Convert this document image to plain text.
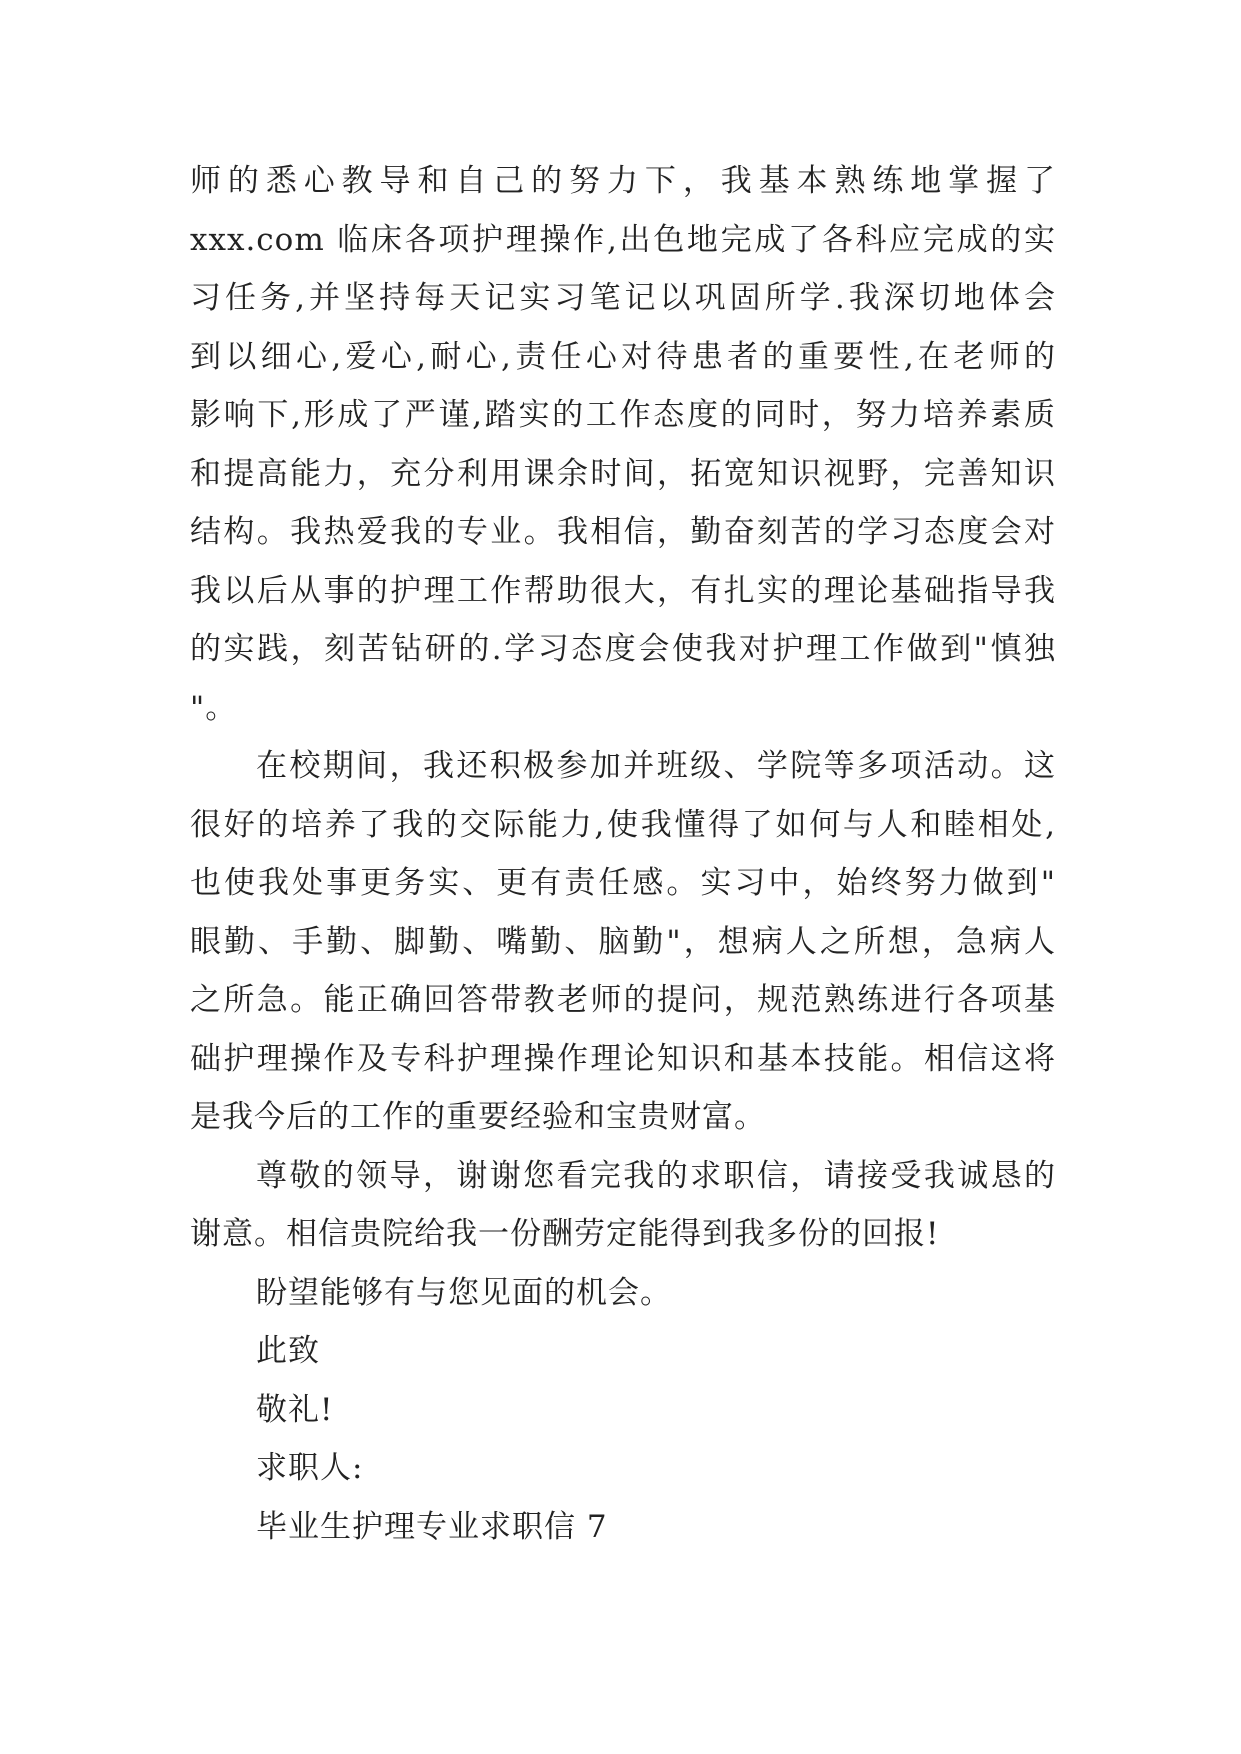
师的悉心教导和自己的努力下，我基本熟练地掌握了
xxx.com 临床各项护理操作,出色地完成了各科应完成的实
习任务,并坚持每天记实习笔记以巩固所学.我深切地体会
到以细心,爱心,耐心,责任心对待患者的重要性,在老师的
影响下,形成了严谨,踏实的工作态度的同时，努力培养素质
和提高能力，充分利用课余时间，拓宽知识视野，完善知识
结构。我热爱我的专业。我相信，勤奋刻苦的学习态度会对
我以后从事的护理工作帮助很大，有扎实的理论基础指导我
的实践，刻苦钻研的.学习态度会使我对护理工作做到"慎独
"。
在校期间，我还积极参加并班级、学院等多项活动。这
很好的培养了我的交际能力,使我懂得了如何与人和睦相处,
也使我处事更务实、更有责任感。实习中，始终努力做到"
眼勤、手勤、脚勤、嘴勤、脑勤"，想病人之所想，急病人
之所急。能正确回答带教老师的提问，规范熟练进行各项基
础护理操作及专科护理操作理论知识和基本技能。相信这将
是我今后的工作的重要经验和宝贵财富。
尊敬的领导，谢谢您看完我的求职信，请接受我诚恳的
谢意。相信贵院给我一份酬劳定能得到我多份的回报!
盼望能够有与您见面的机会。
此致
敬礼!
求职人:
毕业生护理专业求职信 7
